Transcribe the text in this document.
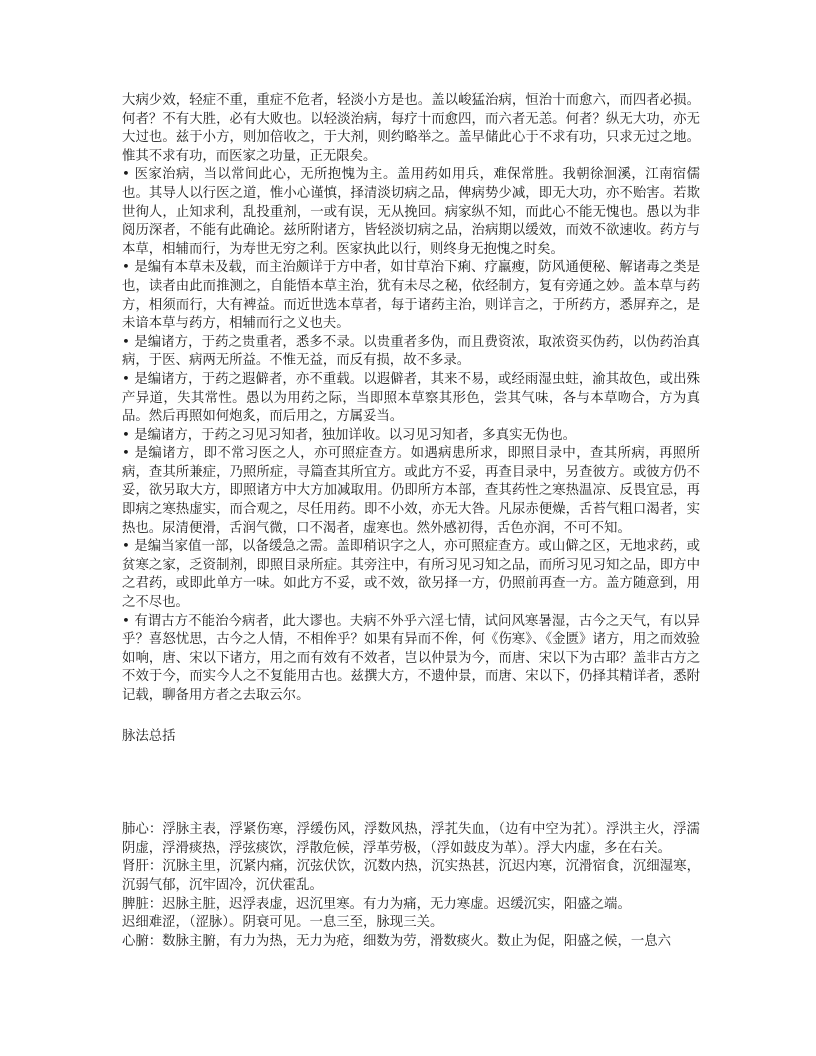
大病少效，轻症不重，重症不危者，轻淡小方是也。盖以峻猛治病，恒治十而愈六，而四者必损。何者？不有大胜，必有大败也。以轻淡治病，每疗十而愈四，而六者无恙。何者？纵无大功，亦无大过也。兹于小方，则加倍收之，于大剂，则约略举之。盖早储此心于不求有功，只求无过之地。惟其不求有功，而医家之功量，正无限矣。

• 医家治病，当以常间此心，无所抱愧为主。盖用药如用兵，难保常胜。我朝徐洄溪，江南宿儒也。其导人以行医之道，惟小心谨慎，择清淡切病之品，俾病势少减，即无大功，亦不贻害。若欺世徇人，止知求利，乱投重剂，一或有误，无从挽回。病家纵不知，而此心不能无愧也。愚以为非阅历深者，不能有此确论。兹所附诸方，皆轻淡切病之品，治病期以缓效，而效不欲速收。药方与本草，相辅而行，为寿世无穷之利。医家执此以行，则终身无抱愧之时矣。

• 是编有本草未及载，而主治颇详于方中者，如甘草治下痢、疗羸瘦，防风通便秘、解诸毒之类是也，读者由此而推测之，自能悟本草主治，犹有未尽之秘，依经制方，复有旁通之妙。盖本草与药方，相须而行，大有裨益。而近世选本草者，每于诸药主治，则详言之，于所药方，悉屏弃之，是未谙本草与药方，相辅而行之义也夫。

• 是编诸方，于药之贵重者，悉多不录。以贵重者多伪，而且费资浓，取浓资买伪药，以伪药治真病，于医、病两无所益。不惟无益，而反有损，故不多录。

• 是编诸方，于药之遐僻者，亦不重载。以遐僻者，其来不易，或经雨湿虫蛀，渝其故色，或出殊产异道，失其常性。愚以为用药之际，当即照本草察其形色，尝其气味，各与本草吻合，方为真品。然后再照如何炮炙，而后用之，方属妥当。

• 是编诸方，于药之习见习知者，独加详收。以习见习知者，多真实无伪也。

• 是编诸方，即不常习医之人，亦可照症查方。如遇病患所求，即照目录中，查其所病，再照所病，查其所兼症，乃照所症，寻篇查其所宜方。或此方不妥，再查目录中，另查彼方。或彼方仍不妥，欲另取大方，即照诸方中大方加减取用。仍即所方本部，查其药性之寒热温凉、反畏宜忌，再即病之寒热虚实，而合观之，尽任用药。即不小效，亦无大咎。凡尿赤便燥，舌苔气粗口渴者，实热也。尿清便滑，舌润气微，口不渴者，虚寒也。然外感初得，舌色亦润，不可不知。

• 是编当家值一部，以备缓急之需。盖即稍识字之人，亦可照症查方。或山僻之区，无地求药，或贫寒之家，乏资制剂，即照目录所症。其旁注中，有所习见习知之品，而所习见习知之品，即方中之君药，或即此单方一味。如此方不妥，或不效，欲另择一方，仍照前再查一方。盖方随意到，用之不尽也。

• 有谓古方不能治今病者，此大谬也。夫病不外乎六淫七情，试问风寒暑湿，古今之天气，有以异乎？喜怒忧思，古今之人情，不相侔乎？如果有异而不侔，何《伤寒》、《金匮》诸方，用之而效验如响，唐、宋以下诸方，用之而有效有不效者，岂以仲景为今，而唐、宋以下为古耶？盖非古方之不效于今，而实今人之不复能用古也。兹撰大方，不遗仲景，而唐、宋以下，仍择其精详者，悉附记载，聊备用方者之去取云尔。

脉法总括

肺心：浮脉主表，浮紧伤寒，浮缓伤风，浮数风热，浮芤失血，（边有中空为芤）。浮洪主火，浮濡阴虚，浮滑痰热，浮弦痰饮，浮散危候，浮革劳极，（浮如鼓皮为革）。浮大内虚，多在右关。

肾肝：沉脉主里，沉紧内痛，沉弦伏饮，沉数内热，沉实热甚，沉迟内寒，沉滑宿食，沉细湿寒，沉弱气郁，沉牢固冷，沉伏霍乱。

脾脏：迟脉主脏，迟浮表虚，迟沉里寒。有力为痛，无力寒虚。迟缓沉实，阳盛之端。

迟细难涩，（涩脉）。阴衰可见。一息三至，脉现三关。

心腑：数脉主腑，有力为热，无力为疮，细数为劳，滑数痰火。数止为促，阳盛之候，一息六
